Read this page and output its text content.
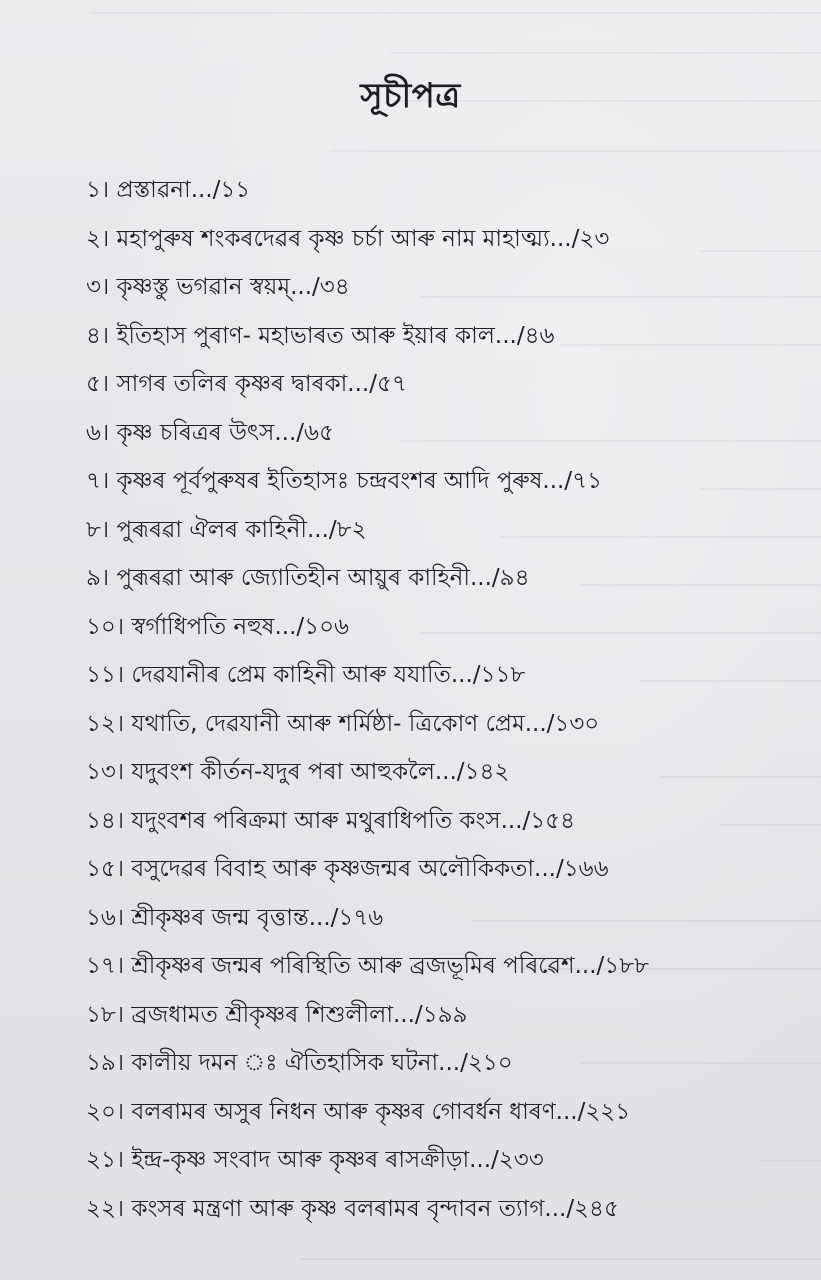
সূচীপত্ৰ
১। প্ৰস্তাৱনা.../১১
২। মহাপুৰুষ শংকৰদেৱৰ কৃষ্ণ চৰ্চা আৰু নাম মাহাত্ম্য.../২৩
৩। কৃষ্ণস্তু ভগৱান স্বয়ম্.../৩৪
৪। ইতিহাস পুৰাণ- মহাভাৰত আৰু ইয়াৰ কাল.../৪৬
৫। সাগৰ তলিৰ কৃষ্ণৰ দ্বাৰকা.../৫৭
৬। কৃষ্ণ চৰিত্ৰৰ উৎস.../৬৫
৭। কৃষ্ণৰ পূৰ্বপুৰুষৰ ইতিহাসঃ চন্দ্ৰবংশৰ আদি পুৰুষ.../৭১
৮। পুৰূৰৱা ঐলৰ কাহিনী.../৮২
৯। পুৰূৰৱা আৰু জ্যোতিহীন আয়ুৰ কাহিনী.../৯৪
১০। স্বৰ্গাধিপতি নহুষ.../১০৬
১১। দেৱযানীৰ প্ৰেম কাহিনী আৰু যযাতি.../১১৮
১২। যথাতি, দেৱযানী আৰু শৰ্মিষ্ঠা- ত্ৰিকোণ প্ৰেম.../১৩০
১৩। যদুবংশ কীৰ্তন-যদুৰ পৰা আহুকলৈ.../১৪২
১৪। যদুংবশৰ পৰিক্ৰমা আৰু মথুৰাধিপতি কংস.../১৫৪
১৫। বসুদেৱৰ বিবাহ আৰু কৃষ্ণজন্মৰ অলৌকিকতা.../১৬৬
১৬। শ্ৰীকৃষ্ণৰ জন্ম বৃত্তান্ত.../১৭৬
১৭। শ্ৰীকৃষ্ণৰ জন্মৰ পৰিস্থিতি আৰু ব্ৰজভূমিৰ পৰিৱেশ.../১৮৮
১৮। ব্ৰজধামত শ্ৰীকৃষ্ণৰ শিশুলীলা.../১৯৯
১৯। কালীয় দমন ঃ ঐতিহাসিক ঘটনা.../২১০
২০। বলৰামৰ অসুৰ নিধন আৰু কৃষ্ণৰ গোবৰ্ধন ধাৰণ.../২২১
২১। ইন্দ্ৰ-কৃষ্ণ সংবাদ আৰু কৃষ্ণৰ ৰাসক্ৰীড়া.../২৩৩
২২। কংসৰ মন্ত্ৰণা আৰু কৃষ্ণ বলৰামৰ বৃন্দাবন ত্যাগ.../২৪৫
